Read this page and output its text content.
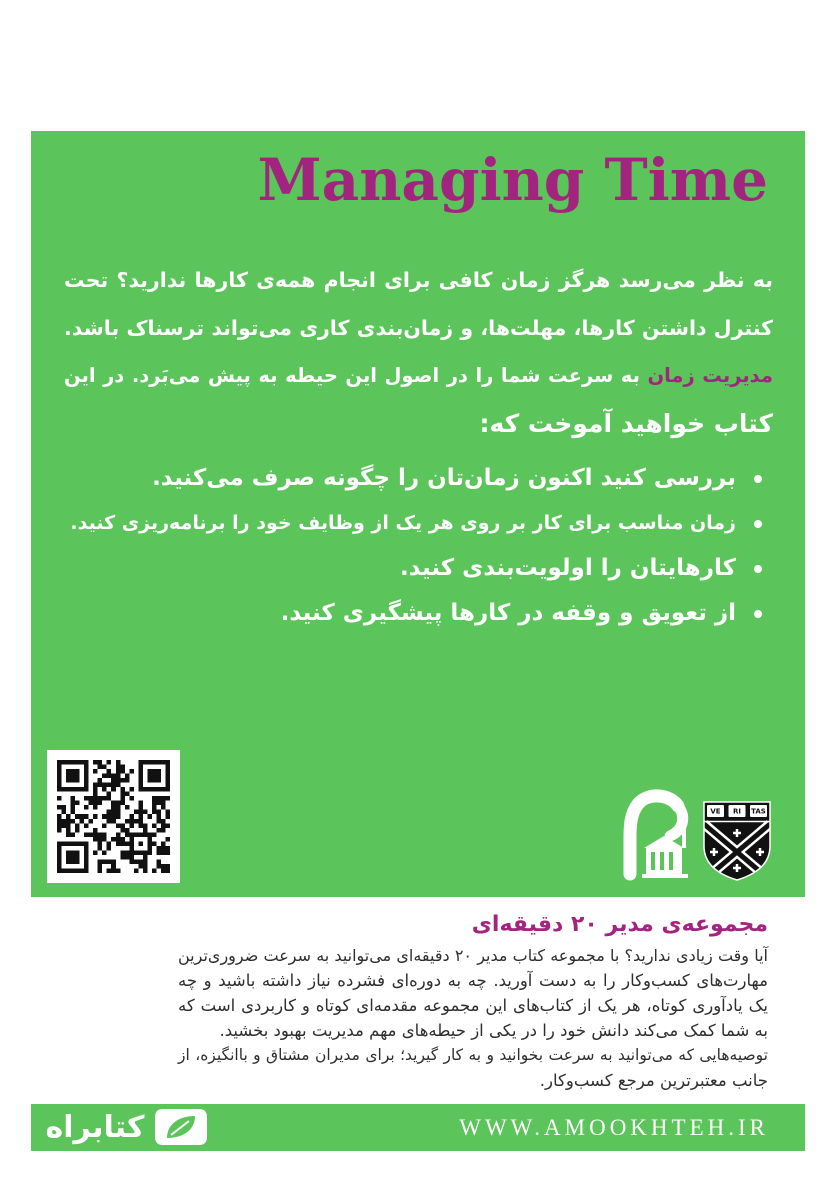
Managing Time
به نظر می‌رسد هرگز زمان کافی برای انجام همه‌ی کارها ندارید؟ تحت
کنترل داشتن کارها، مهلت‌ها، و زمان‌بندی کاری می‌تواند ترسناک باشد.
مدیریت زمان به سرعت شما را در اصول این حیطه به پیش می‌بَرد. در این
کتاب خواهید آموخت که:
بررسی کنید اکنون زمان‌تان را چگونه صرف می‌کنید.
زمان مناسب برای کار بر روی هر یک از وظایف خود را برنامه‌ریزی کنید.
کارهایتان را اولویت‌بندی کنید.
از تعویق و وقفه در کارها پیشگیری کنید.
VE RI TAS
مجموعه‌ی مدیر ۲۰ دقیقه‌ای
آیا وقت زیادی ندارید؟ با مجموعه کتاب مدیر ۲۰ دقیقه‌ای می‌توانید به سرعت ضروری‌ترین
مهارت‌های کسب‌وکار را به دست آورید. چه به دوره‌ای فشرده نیاز داشته باشید و چه
یک یادآوری کوتاه، هر یک از کتاب‌های این مجموعه مقدمه‌ای کوتاه و کاربردی است که
به شما کمک می‌کند دانش خود را در یکی از حیطه‌های مهم مدیریت بهبود بخشید.
توصیه‌هایی که می‌توانید به سرعت بخوانید و به کار گیرید؛ برای مدیران مشتاق و باانگیزه، از
جانب معتبرترین مرجع کسب‌وکار.
کتابراه	WWW.AMOOKHTEH.IR
